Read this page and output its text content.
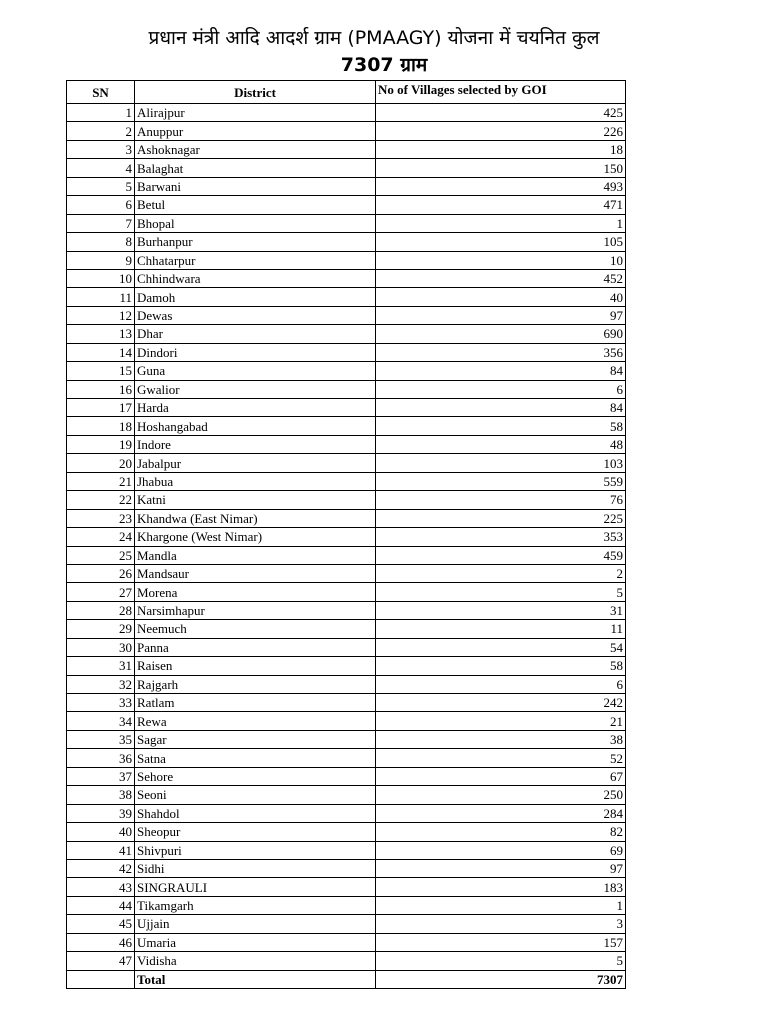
प्रधान मंत्री आदि आदर्श ग्राम (PMAAGY) योजना में चयनित कुल
7307 ग्राम
SN	District	No of Villages selected by GOI
1	Alirajpur	425
2	Anuppur	226
3	Ashoknagar	18
4	Balaghat	150
5	Barwani	493
6	Betul	471
7	Bhopal	1
8	Burhanpur	105
9	Chhatarpur	10
10	Chhindwara	452
11	Damoh	40
12	Dewas	97
13	Dhar	690
14	Dindori	356
15	Guna	84
16	Gwalior	6
17	Harda	84
18	Hoshangabad	58
19	Indore	48
20	Jabalpur	103
21	Jhabua	559
22	Katni	76
23	Khandwa (East Nimar)	225
24	Khargone (West Nimar)	353
25	Mandla	459
26	Mandsaur	2
27	Morena	5
28	Narsimhapur	31
29	Neemuch	11
30	Panna	54
31	Raisen	58
32	Rajgarh	6
33	Ratlam	242
34	Rewa	21
35	Sagar	38
36	Satna	52
37	Sehore	67
38	Seoni	250
39	Shahdol	284
40	Sheopur	82
41	Shivpuri	69
42	Sidhi	97
43	SINGRAULI	183
44	Tikamgarh	1
45	Ujjain	3
46	Umaria	157
47	Vidisha	5
	Total	7307
